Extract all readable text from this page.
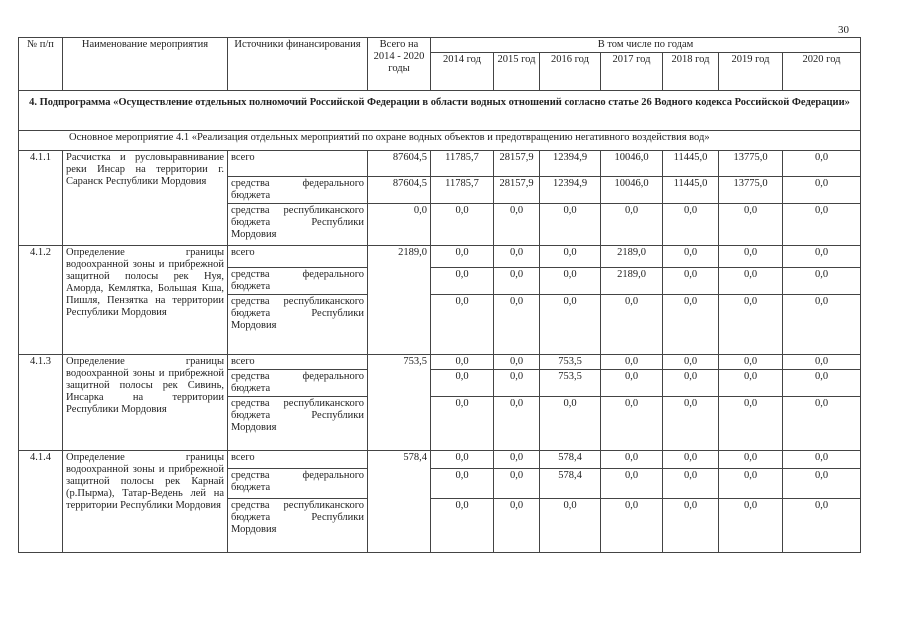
30
№ п/п	Наименование мероприятия	Источники финансирования	Всего на 2014 - 2020 годы	В том числе по годам						
				2014 год	2015 год	2016 год	2017 год	2018 год	2019 год	2020 год
4. Подпрограмма «Осуществление отдельных полномочий Российской Федерации в области водных отношений согласно статье 26 Водного кодекса Российской Федерации»										
Основное мероприятие 4.1 «Реализация отдельных мероприятий по охране водных объектов и предотвращению негативного воздействия вод»										
4.1.1	Расчистка и русловыравнивание реки Инсар на территории г. Саранск Республики Мордовия	всего	87604,5	11785,7	28157,9	12394,9	10046,0	11445,0	13775,0	0,0
		средства федерального бюджета	87604,5	11785,7	28157,9	12394,9	10046,0	11445,0	13775,0	0,0
		средства республиканского бюджета Республики Мордовия	0,0	0,0	0,0	0,0	0,0	0,0	0,0	0,0
4.1.2	Определение границы водоохранной зоны и прибрежной защитной полосы рек Нуя, Аморда, Кемлятка, Большая Кша, Пишля, Пензятка на территории Республики Мордовия	всего	2189,0	0,0	0,0	0,0	2189,0	0,0	0,0	0,0
		средства федерального бюджета		0,0	0,0	0,0	2189,0	0,0	0,0	0,0
		средства республиканского бюджета Республики Мордовия		0,0	0,0	0,0	0,0	0,0	0,0	0,0
4.1.3	Определение границы водоохранной зоны и прибрежной защитной полосы рек Сивинь, Инсарка на территории Республики Мордовия	всего	753,5	0,0	0,0	753,5	0,0	0,0	0,0	0,0
		средства федерального бюджета		0,0	0,0	753,5	0,0	0,0	0,0	0,0
		средства республиканского бюджета Республики Мордовия		0,0	0,0	0,0	0,0	0,0	0,0	0,0
4.1.4	Определение границы водоохранной зоны и прибрежной защитной полосы рек Карнай (р.Пырма), Татар-Ведень лей на территории Республики Мордовия	всего	578,4	0,0	0,0	578,4	0,0	0,0	0,0	0,0
		средства федерального бюджета		0,0	0,0	578,4	0,0	0,0	0,0	0,0
		средства республиканского бюджета Республики Мордовия		0,0	0,0	0,0	0,0	0,0	0,0	0,0
